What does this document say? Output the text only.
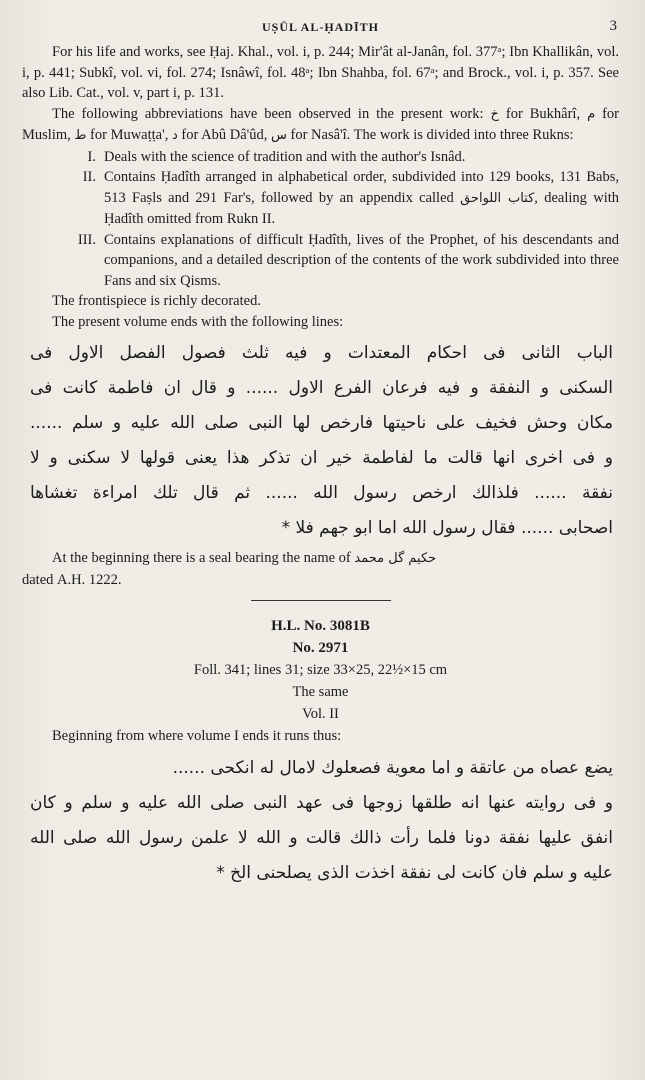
UṢŪL AL-ḤADĪTH	3

For his life and works, see Ḥaj. Khal., vol. i, p. 244; Mir'ât al-Janân, fol. 377ᵃ; Ibn Khallikân, vol. i, p. 441; Subkî, vol. vi, fol. 274; Isnâwî, fol. 48ᵃ; Ibn Shahba, fol. 67ᵃ; and Brock., vol. i, p. 357. See also Lib. Cat., vol. v, part i, p. 131.

The following abbreviations have been observed in the present work: خ for Bukhârî, م for Muslim, ط for Muwaṭṭa', د for Abû Dâ'ûd, س for Nasâ'î. The work is divided into three Rukns:

I. Deals with the science of tradition and with the author's Isnâd.
II. Contains Ḥadîth arranged in alphabetical order, subdivided into 129 books, 131 Babs, 513 Faṣls and 291 Far's, followed by an appendix called كتاب اللواحق, dealing with Ḥadîth omitted from Rukn II.
III. Contains explanations of difficult Ḥadîth, lives of the Prophet, of his descendants and companions, and a detailed description of the contents of the work subdivided into three Fans and six Qisms.

The frontispiece is richly decorated.

The present volume ends with the following lines:

الباب الثانى فى احكام المعتدات و فيه ثلث فصول الفصل الاول فى
السكنى و النفقة و فيه فرعان الفرع الاول ...... و قال ان فاطمة كانت فى
مكان وحش فخيف على ناحيتها فارخص لها النبى صلى الله عليه و سلم ......
و فى اخرى انها قالت ما لفاطمة خير ان تذكر هذا يعنى قولها لا سكنى و لا
نفقة ...... فلذالك ارخص رسول الله ...... ثم قال تلك امراءة تغشاها
اصحابى ...... فقال رسول الله اما ابو جهم فلا *

At the beginning there is a seal bearing the name of حكيم گل محمد
dated A.H. 1222.

H.L. No. 3081B
No. 2971
Foll. 341; lines 31; size 33×25, 22½×15 cm
The same
Vol. II

Beginning from where volume I ends it runs thus:

يضع عصاه من عاتقة و اما معوية فصعلوك لامال له انكحى ......
و فى روايته عنها انه طلقها زوجها فى عهد النبى صلى الله عليه و سلم و كان
انفق عليها نفقة دونا فلما رأت ذالك قالت و الله لا علمن رسول الله صلى الله
عليه و سلم فان كانت لى نفقة اخذت الذى يصلحنى الخ *
